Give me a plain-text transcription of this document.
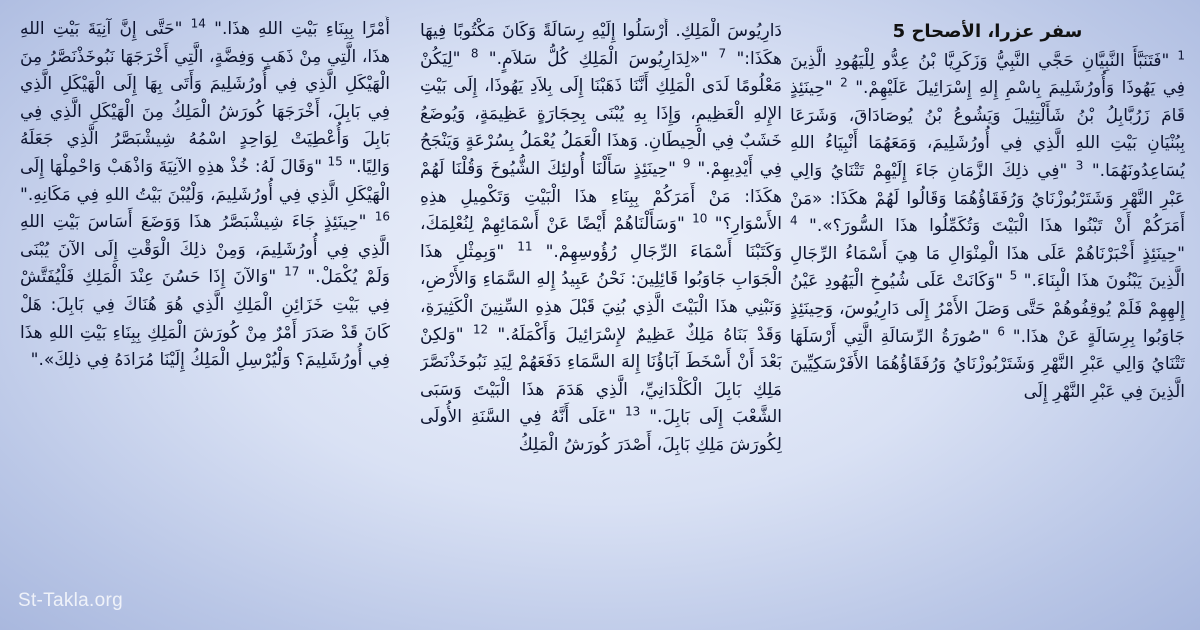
سفر عزرا، الأصحاح 5
$^1$ "فَتَنَبَّأَ النَّبِيَّانِ حَجَّي النَّبِيُّ وَزَكَرِيَّا بْنُ عِدُّو لِلْيَهُودِ الَّذِينَ فِي يَهُوذَا وَأُورُشَلِيمَ بِاسْمِ إِلهِ إِسْرَائِيلَ عَلَيْهِمْ." $^2$ "حِينَئِذٍ قَامَ زَرُبَّابِلُ بْنُ شَأَلْتِئِيلَ وَيَشُوعُ بْنُ يُوصَادَاقَ، وَشَرَعَا بِبُنْيَانِ بَيْتِ اللهِ الَّذِي فِي أُورُشَلِيمَ، وَمَعَهُمَا أَنْبِيَاءُ اللهِ يُسَاعِدُونَهُمَا." $^3$ "فِي ذلِكَ الزَّمَانِ جَاءَ إِلَيْهِمْ تَتْنَايُ وَالِي عَبْرِ النَّهْرِ وَشَتَرْبُوزْنَايُ وَرُفَقَاؤُهُمَا وَقَالُوا لَهُمْ هكَذَا: «مَنْ أَمَرَكُمْ أَنْ تَبْنُوا هذَا الْبَيْتَ وَتُكَمِّلُوا هذَا السُّورَ؟»." $^4$ "حِينَئِذٍ أَخْبَرْنَاهُمْ عَلَى هذَا الْمِنْوَالِ مَا هِيَ أَسْمَاءُ الرِّجَالِ الَّذِينَ يَبْنُونَ هذَا الْبِنَاءَ." $^5$ "وَكَانَتْ عَلَى شُيُوخِ الْيَهُودِ عَيْنُ إِلهِهِمْ فَلَمْ يُوقِفُوهُمْ حَتَّى وَصَلَ الأَمْرُ إِلَى دَارِيُوسَ، وَحِينَئِذٍ جَاوَبُوا بِرِسَالَةٍ عَنْ هذَا." $^6$ "صُورَةُ الرِّسَالَةِ الَّتِي أَرْسَلَهَا تَتْنَايُ وَالِي عَبْرِ النَّهْرِ وَشَتَرْبُوزْنَايُ وَرُفَقَاؤُهُمَا الأَفَرْسَكِيِّينَ الَّذِينَ فِي عَبْرِ النَّهْرِ إِلَى
دَارِيُوسَ الْمَلِكِ. أَرْسَلُوا إِلَيْهِ رِسَالَةً وَكَانَ مَكْتُوبًا فِيهَا هكَذَا:" $^7$ "«لِدَارِيُوسَ الْمَلِكِ كُلُّ سَلاَمٍ." $^8$ "لِيَكُنْ مَعْلُومًا لَدَى الْمَلِكِ أَنَّنَا ذَهَبْنَا إِلَى بِلاَدِ يَهُوذَا، إِلَى بَيْتِ الإِلهِ الْعَظِيمِ، وَإِذَا بِهِ يُبْنَى بِحِجَارَةٍ عَظِيمَةٍ، وَيُوضَعُ خَشَبٌ فِي الْحِيطَانِ. وَهذَا الْعَمَلُ يُعْمَلُ بِسُرْعَةٍ وَيَنْجَحُ فِي أَيْدِيهِمْ." $^9$ "حِينَئِذٍ سَأَلْنَا أُولئِكَ الشُّيُوخَ وَقُلْنَا لَهُمْ هكَذَا: مَنْ أَمَرَكُمْ بِبِنَاءِ هذَا الْبَيْتِ وَتَكْمِيلِ هذِهِ الأَسْوَارِ؟" $^{10}$ "وَسَأَلْنَاهُمْ أَيْضًا عَنْ أَسْمَائِهِمْ لِنُعْلِمَكَ، وَكَتَبْنَا أَسْمَاءَ الرِّجَالِ رُؤُوسِهِمْ." $^{11}$ "وَبِمِثْلِ هذَا الْجَوَابِ جَاوَبُوا قَائِلِينَ: نَحْنُ عَبِيدُ إِلهِ السَّمَاءِ وَالأَرْضِ، وَنَبْنِي هذَا الْبَيْتَ الَّذِي بُنِيَ قَبْلَ هذِهِ السِّنِينَ الْكَثِيرَةِ، وَقَدْ بَنَاهُ مَلِكٌ عَظِيمٌ لإِسْرَائِيلَ وَأَكْمَلَهُ." $^{12}$ "وَلكِنْ بَعْدَ أَنْ أَسْخَطَ آبَاؤُنَا إِلهَ السَّمَاءِ دَفَعَهُمْ لِيَدِ نَبُوخَذْنَصَّرَ مَلِكِ بَابِلَ الْكَلْدَانِيِّ، الَّذِي هَدَمَ هذَا الْبَيْتَ وَسَبَى الشَّعْبَ إِلَى بَابِلَ." $^{13}$ "عَلَى أَنَّهُ فِي السَّنَةِ الأُولَى لِكُورَشَ مَلِكِ بَابِلَ، أَصْدَرَ كُورَشُ الْمَلِكُ
أَمْرًا بِبِنَاءِ بَيْتِ اللهِ هذَا." $^{14}$ "حَتَّى إِنَّ آنِيَةَ بَيْتِ اللهِ هذَا، الَّتِي مِنْ ذَهَبٍ وَفِضَّةٍ، الَّتِي أَخْرَجَهَا نَبُوخَذْنَصَّرُ مِنَ الْهَيْكَلِ الَّذِي فِي أُورُشَلِيمَ وَأَتَى بِهَا إِلَى الْهَيْكَلِ الَّذِي فِي بَابِلَ، أَخْرَجَهَا كُورَشُ الْمَلِكُ مِنَ الْهَيْكَلِ الَّذِي فِي بَابِلَ وَأُعْطِيَتْ لِوَاحِدٍ اسْمُهُ شِيشْبَصَّرُ الَّذِي جَعَلَهُ وَالِيًا." $^{15}$ "وَقَالَ لَهُ: خُذْ هذِهِ الآنِيَةَ وَاذْهَبْ وَاحْمِلْهَا إِلَى الْهَيْكَلِ الَّذِي فِي أُورُشَلِيمَ، وَلْيُبْنَ بَيْتُ اللهِ فِي مَكَانِهِ." $^{16}$ "حِينَئِذٍ جَاءَ شِيشْبَصَّرُ هذَا وَوَضَعَ أَسَاسَ بَيْتِ اللهِ الَّذِي فِي أُورُشَلِيمَ، وَمِنْ ذلِكَ الْوَقْتِ إِلَى الآنَ يُبْنَى وَلَمْ يُكْمَلْ." $^{17}$ "وَالآنَ إِذَا حَسُنَ عِنْدَ الْمَلِكِ فَلْيُفَتَّشْ فِي بَيْتِ خَزَائِنِ الْمَلِكِ الَّذِي هُوَ هُنَاكَ فِي بَابِلَ: هَلْ كَانَ قَدْ صَدَرَ أَمْرٌ مِنْ كُورَشَ الْمَلِكِ بِبِنَاءِ بَيْتِ اللهِ هذَا فِي أُورُشَلِيمَ؟ وَلْيُرْسِلِ الْمَلِكُ إِلَيْنَا مُرَادَهُ فِي ذلِكَ»."
St-Takla.org
